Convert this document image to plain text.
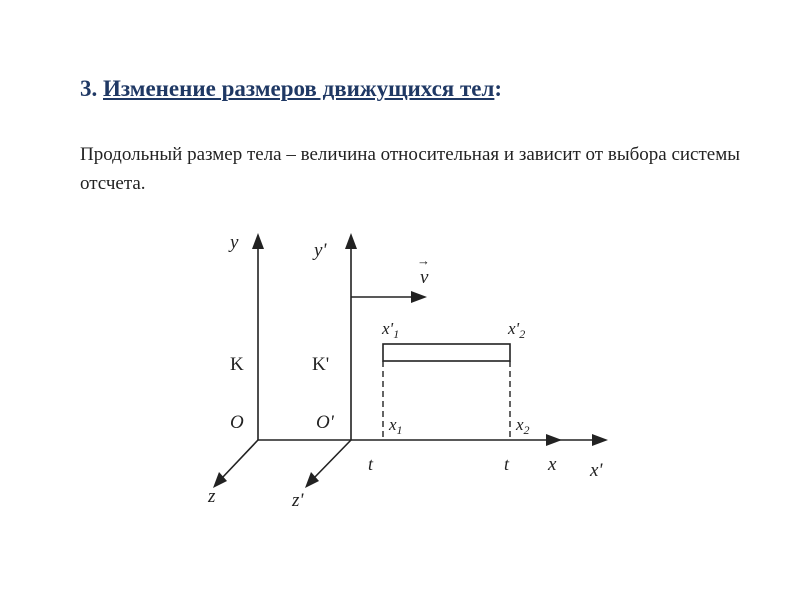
3. Изменение размеров движущихся тел:

Продольный размер тела – величина относительная и зависит от выбора системы отсчета.

y	y'	→
v
K	K'
O	O'
$x'_1$	$x'_2$
$x_1$	$x_2$
t	t x x'
z	z'
